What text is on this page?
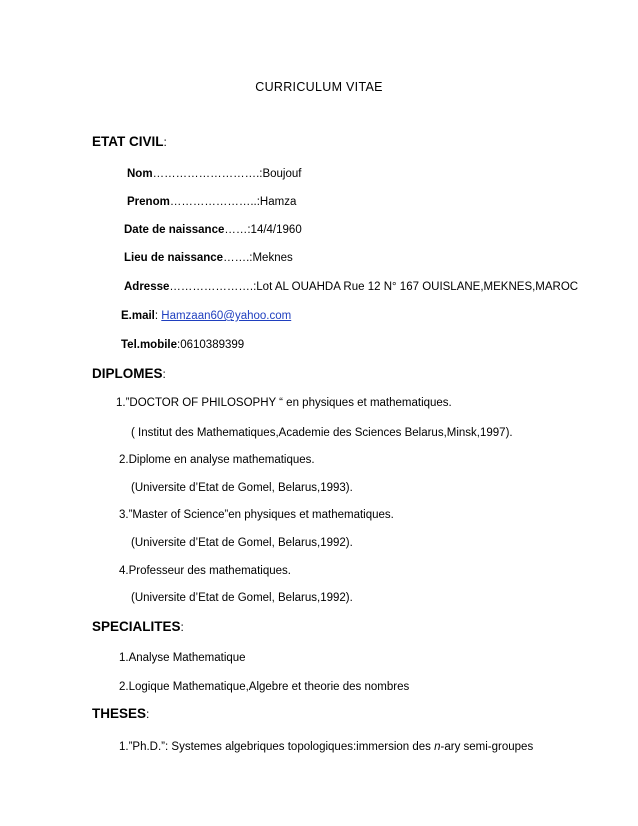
CURRICULUM VITAE
ETAT CIVIL:
Nom……………………….:Boujouf
Prenom…………………..:Hamza
Date de naissance……:14/4/1960
Lieu de naissance…….:Meknes
Adresse………………….:Lot AL OUAHDA Rue 12 N° 167 OUISLANE,MEKNES,MAROC
E.mail: Hamzaan60@yahoo.com
Tel.mobile:0610389399
DIPLOMES:
1.”DOCTOR OF PHILOSOPHY “ en physiques et mathematiques.
( Institut des Mathematiques,Academie des Sciences Belarus,Minsk,1997).
2.Diplome en analyse mathematiques.
(Universite d’Etat de Gomel, Belarus,1993).
3.”Master of Science”en physiques et mathematiques.
(Universite d’Etat de Gomel, Belarus,1992).
4.Professeur des mathematiques.
(Universite d’Etat de Gomel, Belarus,1992).
SPECIALITES:
1.Analyse Mathematique
2.Logique Mathematique,Algebre et theorie des nombres
THESES:
1.”Ph.D.”: Systemes algebriques topologiques:immersion des n-ary semi-groupes
